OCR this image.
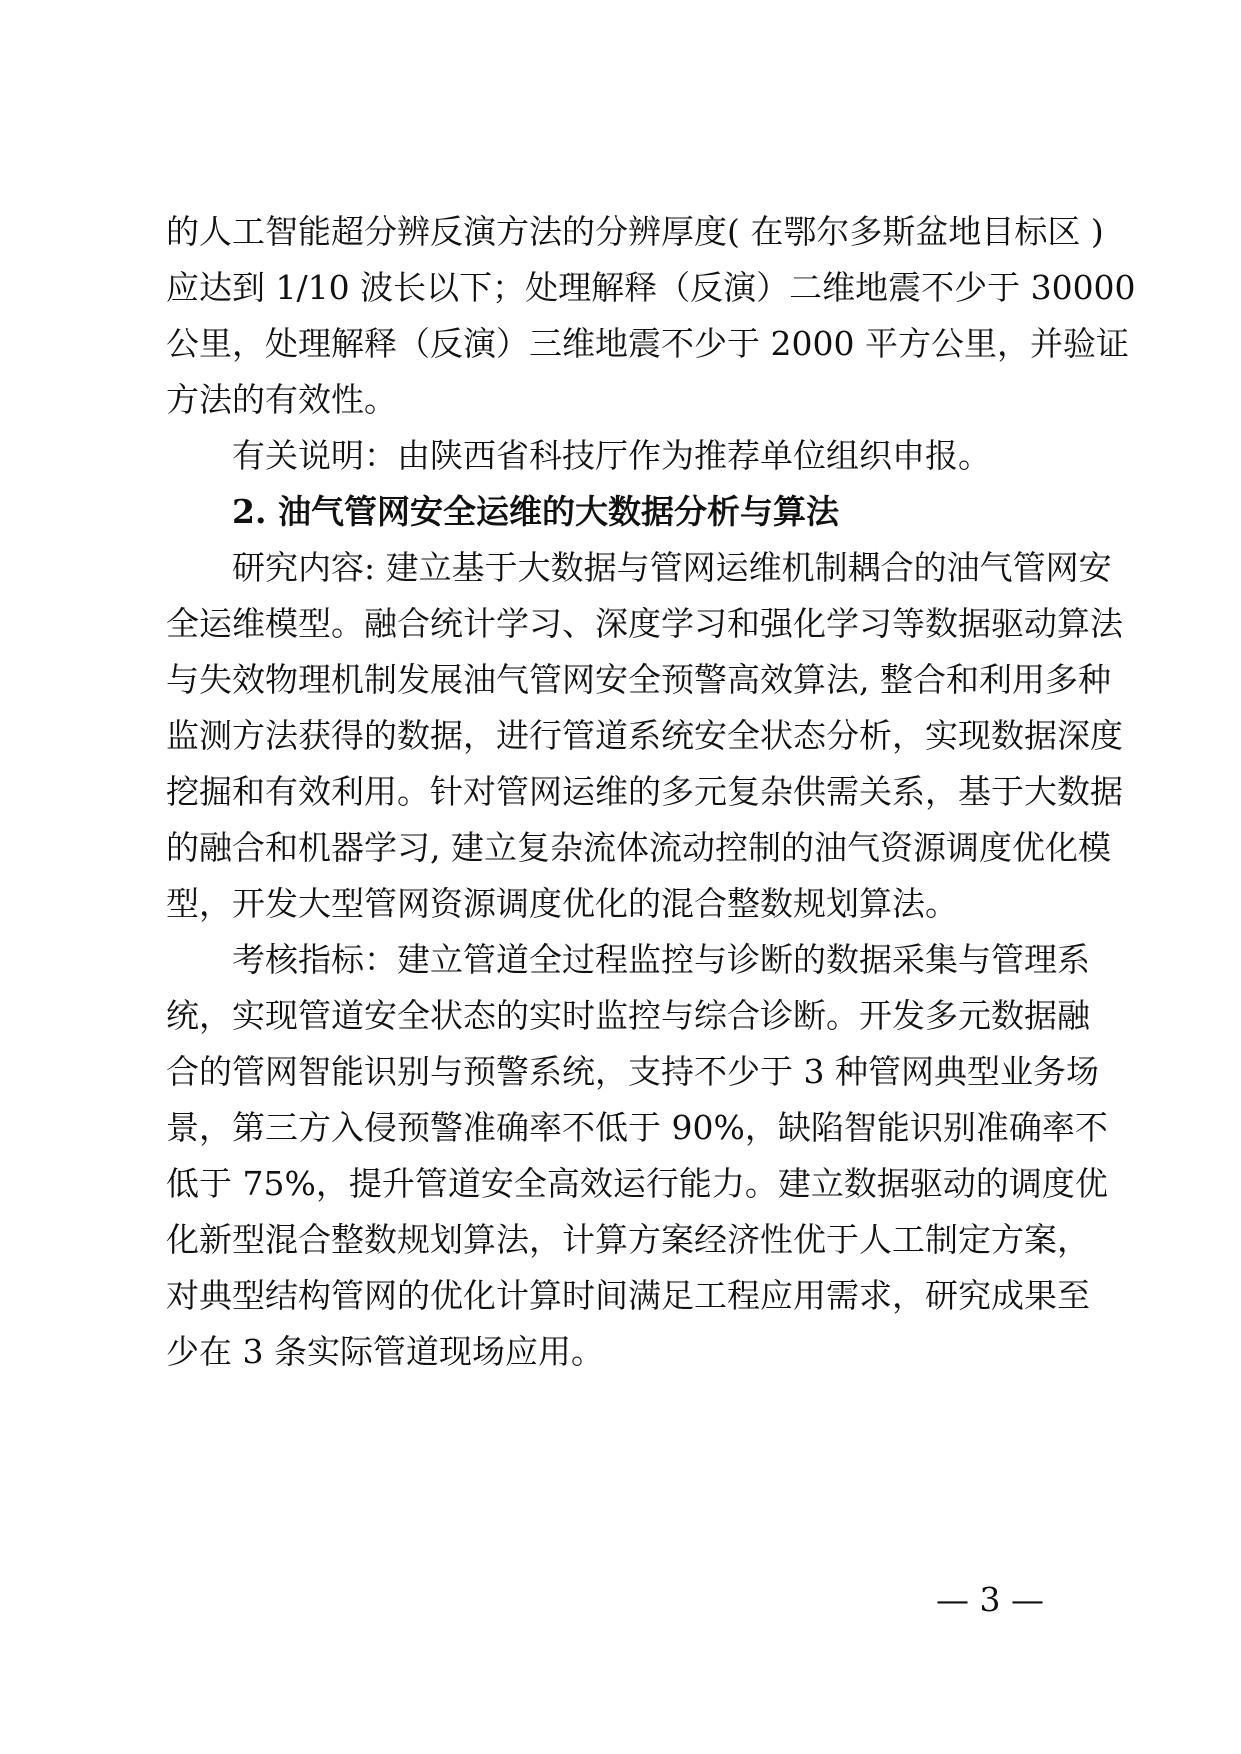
的人工智能超分辨反演方法的分辨厚度( 在鄂尔多斯盆地目标区 )
应达到 1/10 波长以下；处理解释（反演）二维地震不少于 30000
公里，处理解释（反演）三维地震不少于 2000 平方公里，并验证
方法的有效性。
有关说明：由陕西省科技厅作为推荐单位组织申报。
2. 油气管网安全运维的大数据分析与算法
研究内容: 建立基于大数据与管网运维机制耦合的油气管网安
全运维模型。融合统计学习、深度学习和强化学习等数据驱动算法
与失效物理机制发展油气管网安全预警高效算法, 整合和利用多种
监测方法获得的数据，进行管道系统安全状态分析，实现数据深度
挖掘和有效利用。针对管网运维的多元复杂供需关系，基于大数据
的融合和机器学习, 建立复杂流体流动控制的油气资源调度优化模
型，开发大型管网资源调度优化的混合整数规划算法。
考核指标：建立管道全过程监控与诊断的数据采集与管理系
统，实现管道安全状态的实时监控与综合诊断。开发多元数据融
合的管网智能识别与预警系统，支持不少于 3 种管网典型业务场
景，第三方入侵预警准确率不低于 90%，缺陷智能识别准确率不
低于 75%，提升管道安全高效运行能力。建立数据驱动的调度优
化新型混合整数规划算法，计算方案经济性优于人工制定方案，
对典型结构管网的优化计算时间满足工程应用需求，研究成果至
少在 3 条实际管道现场应用。
— 3 —
